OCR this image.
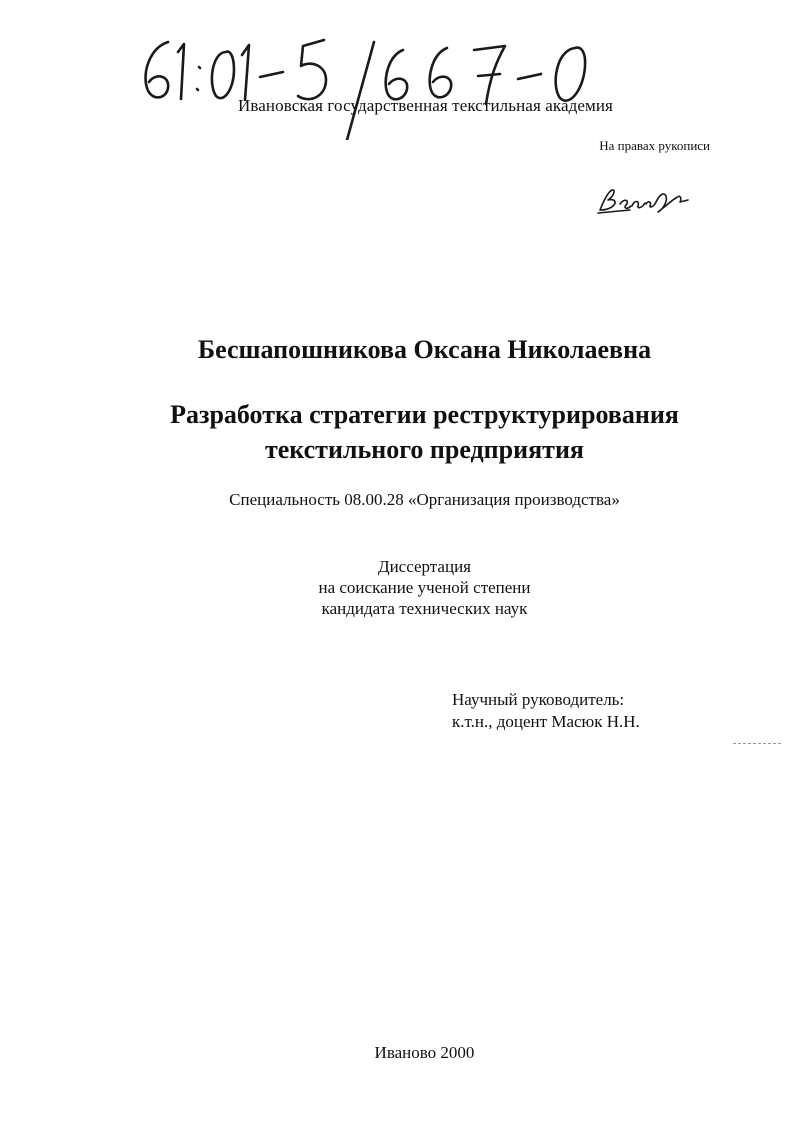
Ивановская государственная текстильная академия
На правах рукописи
Бесшапошникова Оксана Николаевна
Разработка стратегии реструктурирования
текстильного предприятия
Специальность 08.00.28 «Организация производства»
Диссертация
на соискание ученой степени
кандидата технических наук
Научный руководитель:
к.т.н., доцент Масюк Н.Н.
Иваново 2000
